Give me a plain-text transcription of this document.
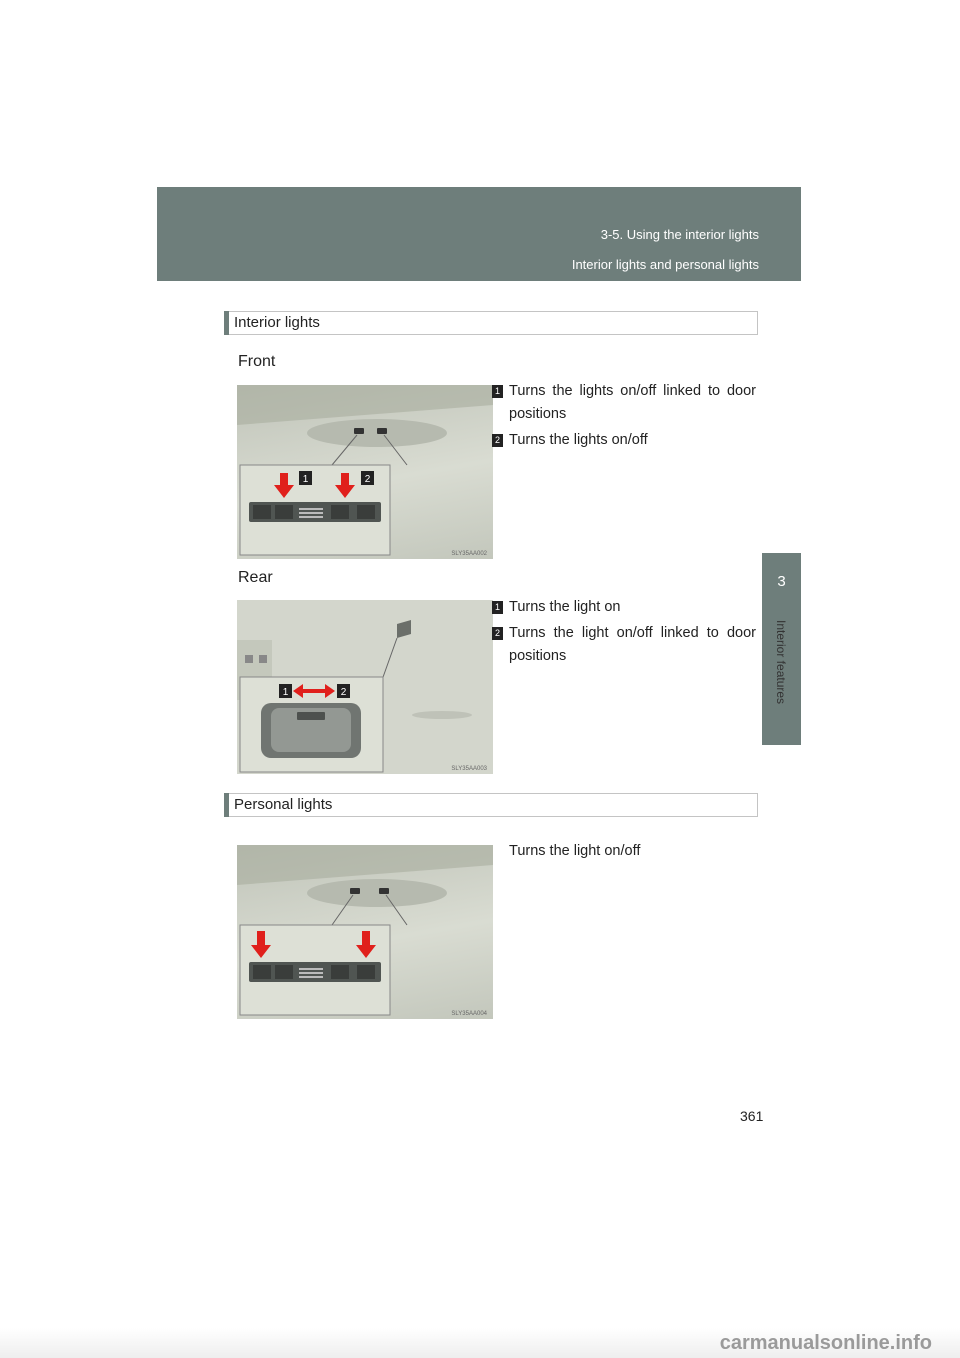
3-5. Using the interior lights
Interior lights and personal lights
3
Interior features
Interior lights
Front
1	2
SLY35AA002
1 Turns the lights on/off linked to door positions
2 Turns the lights on/off
Rear
1	2
SLY35AA003
1 Turns the light on
2 Turns the light on/off linked to door positions
Personal lights
SLY35AA004
Turns the light on/off
361
carmanualsonline.info
